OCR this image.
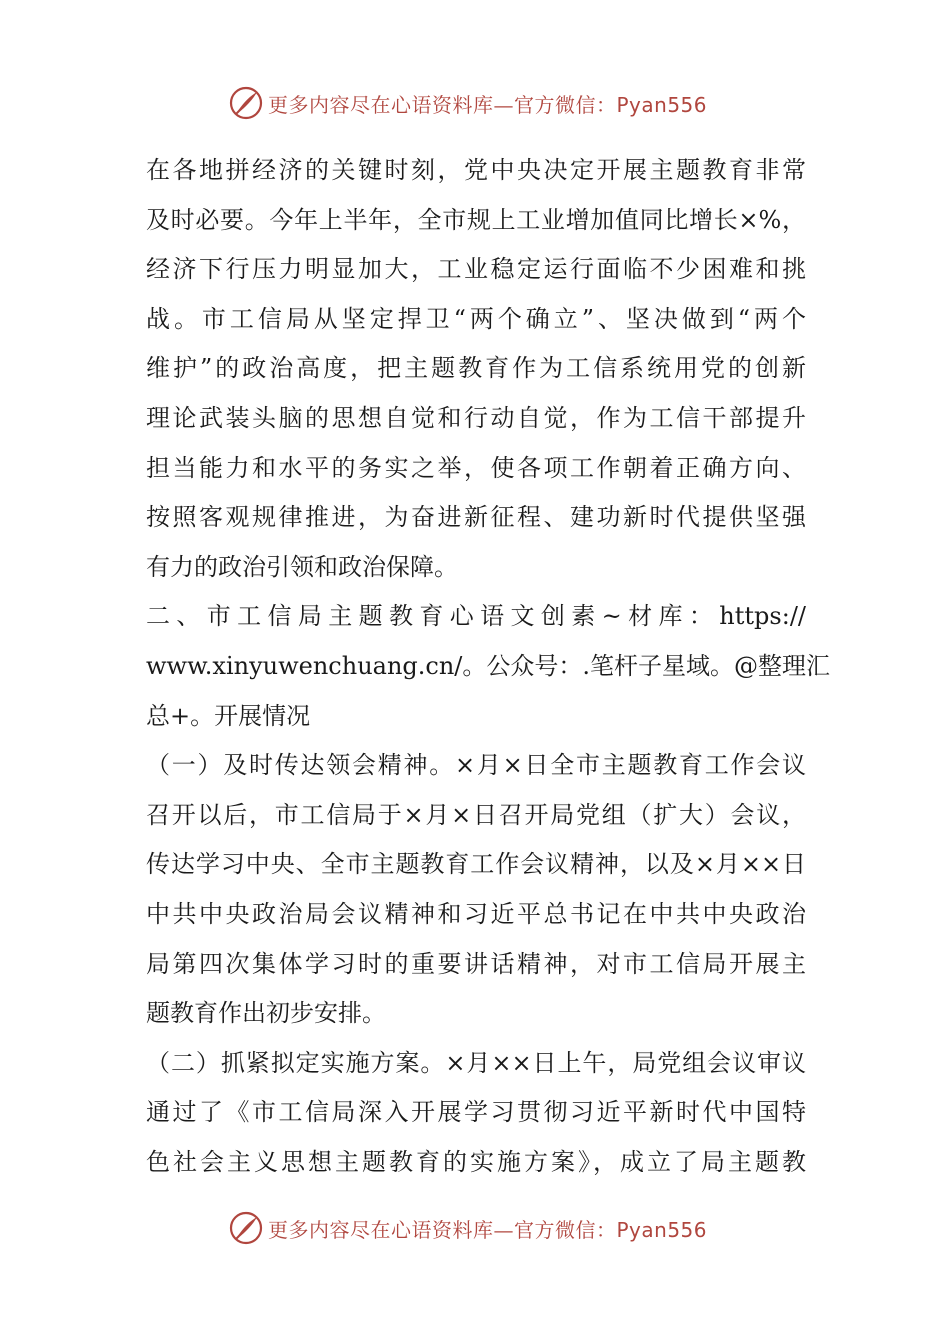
更多内容尽在心语资料库—官方微信：Pyan556
在各地拼经济的关键时刻，党中央决定开展主题教育非常
及时必要。今年上半年，全市规上工业增加值同比增长×%，
经济下行压力明显加大，工业稳定运行面临不少困难和挑
战。市工信局从坚定捍卫“两个确立”、坚决做到“两个
维护”的政治高度，把主题教育作为工信系统用党的创新
理论武装头脑的思想自觉和行动自觉，作为工信干部提升
担当能力和水平的务实之举，使各项工作朝着正确方向、
按照客观规律推进，为奋进新征程、建功新时代提供坚强
有力的政治引领和政治保障。
二、市工信局主题教育心语文创素~材库：https://
www.xinyuwenchuang.cn/。公众号：.笔杆子星域。@整理汇
总+。开展情况
（一）及时传达领会精神。×月×日全市主题教育工作会议
召开以后，市工信局于×月×日召开局党组（扩大）会议，
传达学习中央、全市主题教育工作会议精神，以及×月××日
中共中央政治局会议精神和习近平总书记在中共中央政治
局第四次集体学习时的重要讲话精神，对市工信局开展主
题教育作出初步安排。
（二）抓紧拟定实施方案。×月××日上午，局党组会议审议
通过了《市工信局深入开展学习贯彻习近平新时代中国特
色社会主义思想主题教育的实施方案》，成立了局主题教
更多内容尽在心语资料库—官方微信：Pyan556
